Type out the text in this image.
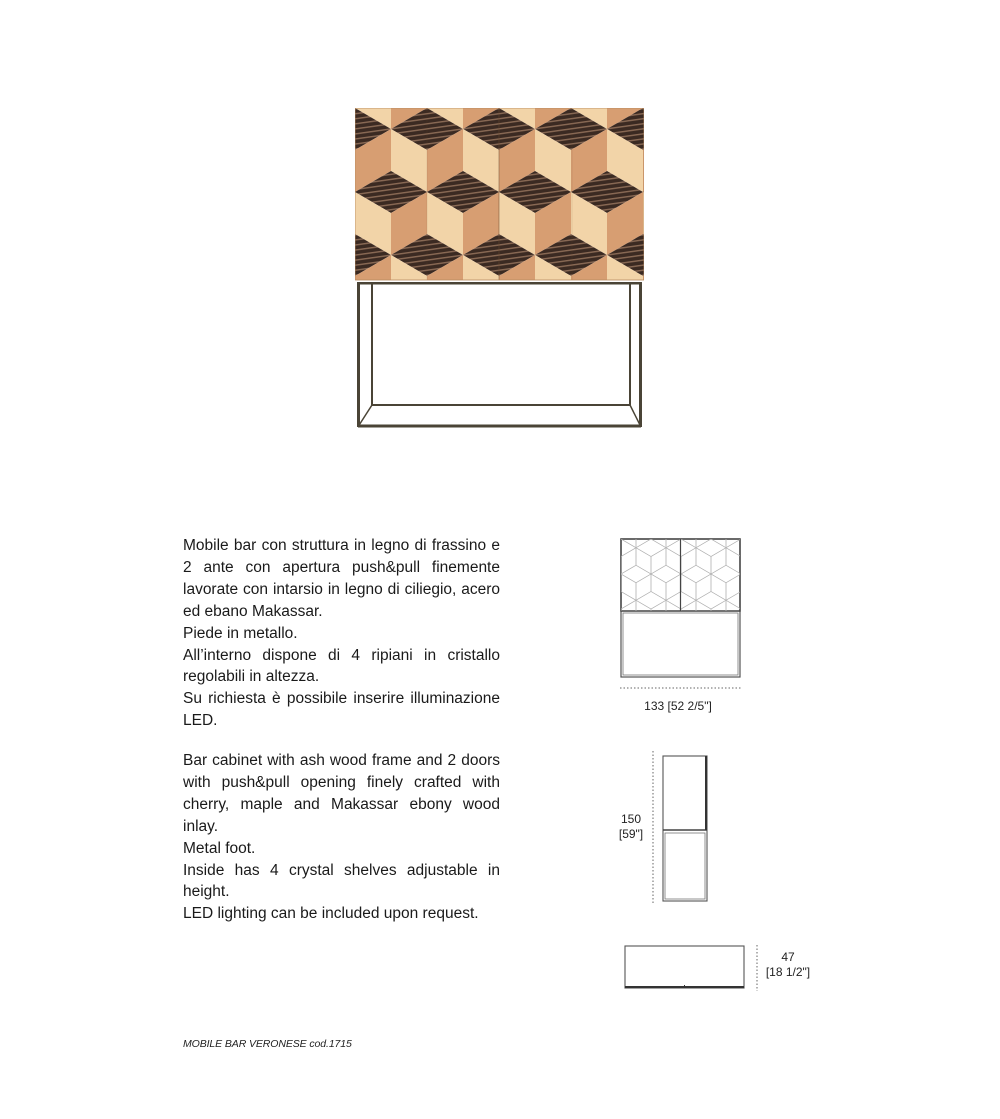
Mobile bar con struttura in legno di frassino e 2 ante con apertura push&pull finemente lavorate con intarsio in legno di ciliegio, acero ed ebano Makassar.

Piede in metallo.

All’interno dispone di 4 ripiani in cristallo regolabili in altezza.

Su richiesta è possibile inserire illuminazione LED.

Bar cabinet with ash wood frame and 2 doors with push&pull opening finely crafted with cherry, maple and Makassar ebony wood inlay.

Metal foot.

Inside has 4 crystal shelves adjustable in height.

LED lighting can be included upon request.

133 [52 2/5"]
150
[59"]
47
[18 1/2"]
MOBILE BAR VERONESE cod.1715
